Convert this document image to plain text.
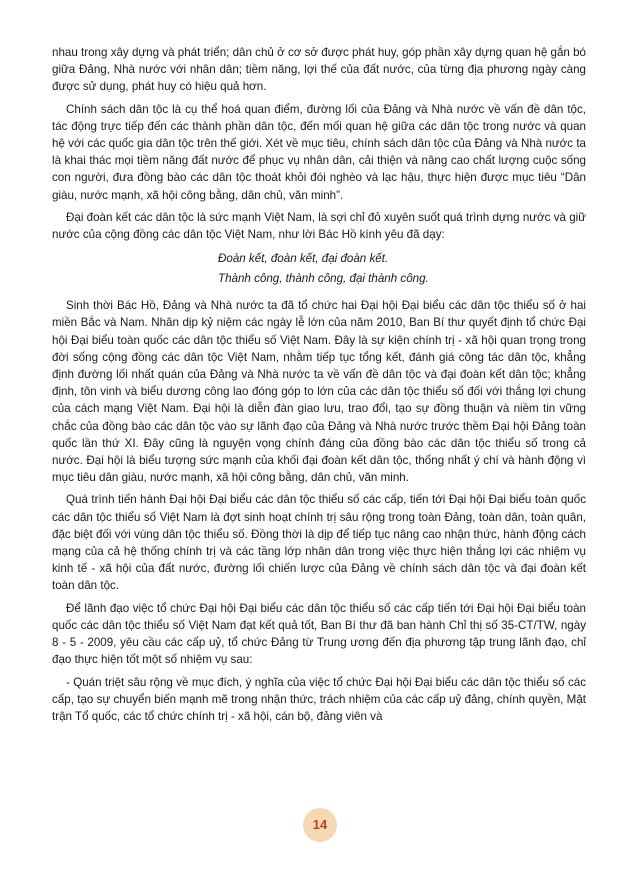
nhau trong xây dựng và phát triển; dân chủ ở cơ sở được phát huy, góp phần xây dựng quan hệ gắn bó giữa Đảng, Nhà nước với nhân dân; tiềm năng, lợi thế của đất nước, của từng địa phương ngày càng được sử dụng, phát huy có hiệu quả hơn.

Chính sách dân tộc là cụ thể hoá quan điểm, đường lối của Đảng và Nhà nước về vấn đề dân tộc, tác động trực tiếp đến các thành phần dân tộc, đến mối quan hệ giữa các dân tộc trong nước và quan hệ với các quốc gia dân tộc trên thế giới. Xét về mục tiêu, chính sách dân tộc của Đảng và Nhà nước ta là khai thác mọi tiềm năng đất nước để phục vụ nhân dân, cải thiện và nâng cao chất lượng cuộc sống con người, đưa đồng bào các dân tộc thoát khỏi đói nghèo và lạc hậu, thực hiện được mục tiêu “Dân giàu, nước mạnh, xã hội công bằng, dân chủ, văn minh”.

Đại đoàn kết các dân tộc là sức mạnh Việt Nam, là sợi chỉ đỏ xuyên suốt quá trình dựng nước và giữ nước của cộng đồng các dân tộc Việt Nam, như lời Bác Hồ kính yêu đã dạy:

Đoàn kết, đoàn kết, đại đoàn kết.
Thành công, thành công, đại thành công.

Sinh thời Bác Hồ, Đảng và Nhà nước ta đã tổ chức hai Đại hội Đại biểu các dân tộc thiểu số ở hai miền Bắc và Nam. Nhân dịp kỷ niệm các ngày lễ lớn của năm 2010, Ban Bí thư quyết định tổ chức Đại hội Đại biểu toàn quốc các dân tộc thiểu số Việt Nam. Đây là sự kiện chính trị - xã hội quan trọng trong đời sống cộng đồng các dân tộc Việt Nam, nhằm tiếp tục tổng kết, đánh giá công tác dân tộc, khẳng định đường lối nhất quán của Đảng và Nhà nước ta về vấn đề dân tộc và đại đoàn kết dân tộc; khẳng định, tôn vinh và biểu dương công lao đóng góp to lớn của các dân tộc thiểu số đối với thắng lợi chung của cách mạng Việt Nam. Đại hội là diễn đàn giao lưu, trao đổi, tạo sự đồng thuận và niềm tin vững chắc của đồng bào các dân tộc vào sự lãnh đạo của Đảng và Nhà nước trước thềm Đại hội Đảng toàn quốc lần thứ XI. Đây cũng là nguyện vọng chính đáng của đồng bào các dân tộc thiểu số trong cả nước. Đại hội là biểu tượng sức mạnh của khối đại đoàn kết dân tộc, thống nhất ý chí và hành động vì mục tiêu dân giàu, nước mạnh, xã hội công bằng, dân chủ, văn minh.

Quá trình tiến hành Đại hội Đại biểu các dân tộc thiểu số các cấp, tiến tới Đại hội Đại biểu toàn quốc các dân tộc thiểu số Việt Nam là đợt sinh hoạt chính trị sâu rộng trong toàn Đảng, toàn dân, toàn quân, đặc biệt đối với vùng dân tộc thiểu số. Đồng thời là dịp để tiếp tục nâng cao nhận thức, hành động cách mạng của cả hệ thống chính trị và các tầng lớp nhân dân trong việc thực hiện thắng lợi các nhiệm vụ kinh tế - xã hội của đất nước, đường lối chiến lược của Đảng về chính sách dân tộc và đại đoàn kết toàn dân tộc.

Để lãnh đạo việc tổ chức Đại hội Đại biểu các dân tộc thiểu số các cấp tiến tới Đại hội Đại biểu toàn quốc các dân tộc thiểu số Việt Nam đạt kết quả tốt, Ban Bí thư đã ban hành Chỉ thị số 35-CT/TW, ngày 8 - 5 - 2009, yêu cầu các cấp uỷ, tổ chức Đảng từ Trung ương đến địa phương tập trung lãnh đạo, chỉ đạo thực hiện tốt một số nhiệm vụ sau:

- Quán triệt sâu rộng về mục đích, ý nghĩa của việc tổ chức Đại hội Đại biểu các dân tộc thiểu số các cấp, tạo sự chuyển biến mạnh mẽ trong nhận thức, trách nhiệm của các cấp uỷ đảng, chính quyền, Mặt trận Tổ quốc, các tổ chức chính trị - xã hội, cán bộ, đảng viên và

14
